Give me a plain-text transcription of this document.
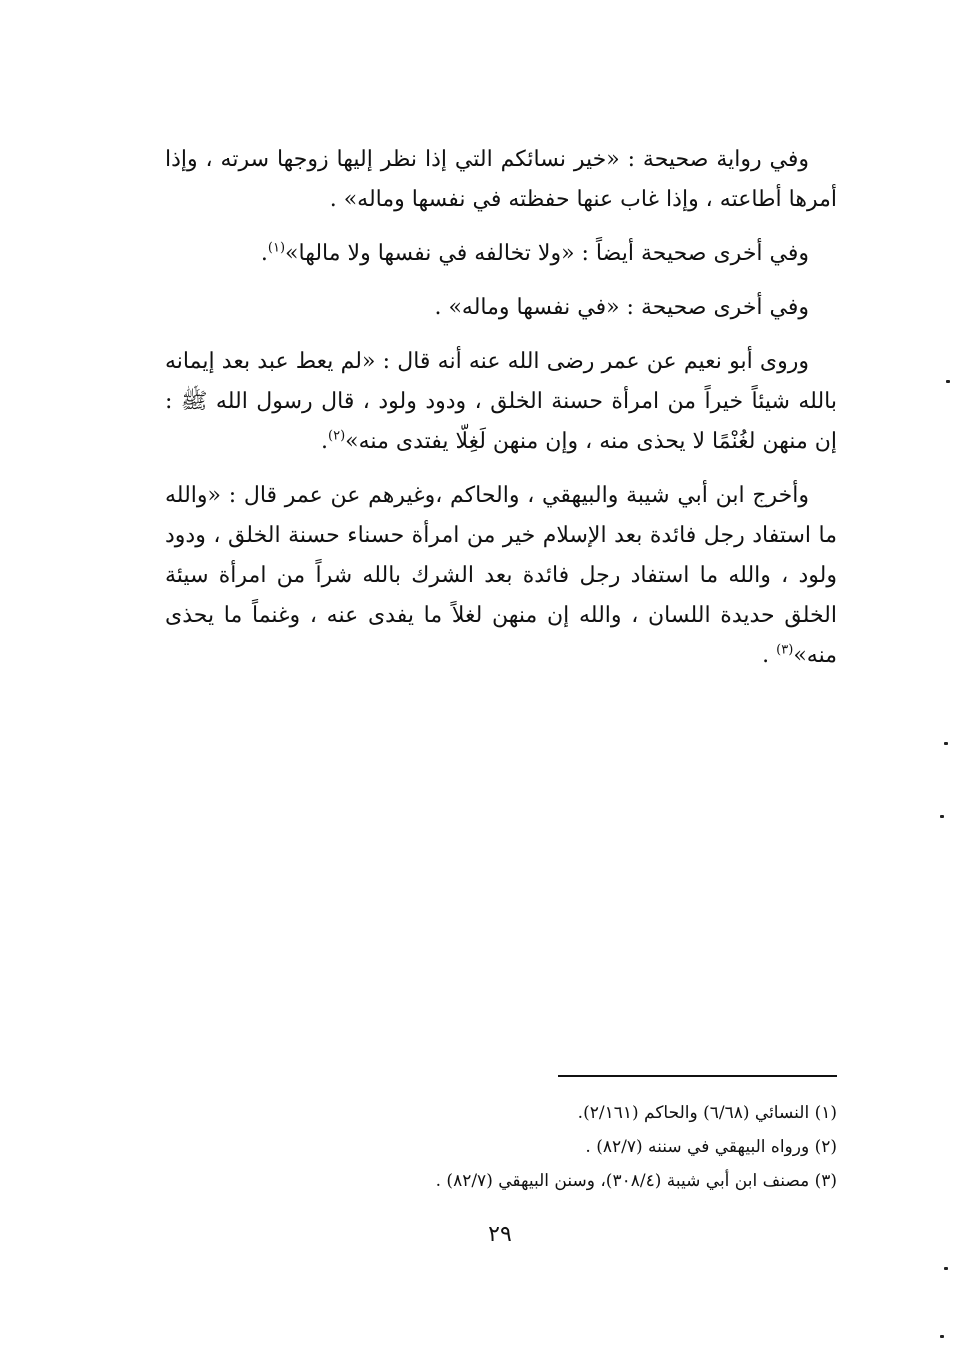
وفي رواية صحيحة : «خير نسائكم التي إذا نظر إليها زوجها سرته ، وإذا أمرها أطاعته ، وإذا غاب عنها حفظته في نفسها وماله» .

وفي أخرى صحيحة أيضاً : «ولا تخالفه في نفسها ولا مالها»$^{(١)}$.

وفي أخرى صحيحة : «في نفسها وماله» .

وروى أبو نعيم عن عمر رضى الله عنه أنه قال : «لم يعط عبد بعد إيمانه بالله شيئاً خيراً من امرأة حسنة الخلق ، ودود ولود ، قال رسول الله ﷺ : إن منهن لغُنْمًا لا يحذى منه ، وإن منهن لَغِلّا يفتدى منه»$^{(٢)}$.

وأخرج ابن أبي شيبة والبيهقي ، والحاكم ،وغيرهم عن عمر قال : «والله ما استفاد رجل فائدة بعد الإسلام خير من امرأة حسناء حسنة الخلق ، ودود ولود ، والله ما استفاد رجل فائدة بعد الشرك بالله شراً من امرأة سيئة الخلق حديدة اللسان ، والله إن منهن لغلاً ما يفدى عنه ، وغنماً ما يحذى منه»$^{(٣)}$ .

(١) النسائي (٦/٦٨) والحاكم (٢/١٦١).

(٢) ورواه البيهقي في سننه (٨٢/٧) .

(٣) مصنف ابن أبي شيبة (٣٠٨/٤)، وسنن البيهقي (٨٢/٧) .

٢٩
